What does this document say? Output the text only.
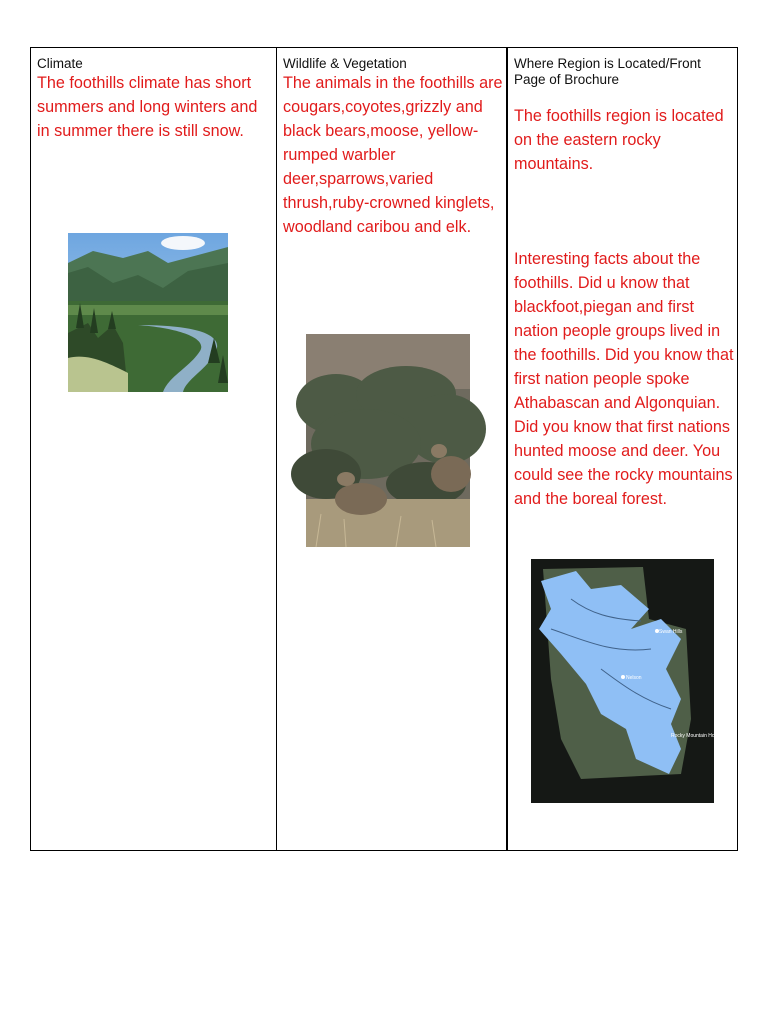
Climate
The foothills climate has short summers and long winters and in summer there is still snow.
Wildlife & Vegetation
The animals in the foothills are cougars,coyotes,grizzly and black bears,moose, yellow-rumped warbler deer,sparrows,varied thrush,ruby-crowned kinglets, woodland caribou and elk.
Where Region is Located/Front Page of Brochure
The foothills region is located on the eastern rocky mountains.
Interesting facts about the foothills. Did u know that blackfoot,piegan and first nation people groups lived in the foothills. Did you know that first nation people spoke Athabascan and Algonquian. Did you know that first nations hunted moose and deer. You could see the rocky mountains and the boreal forest.
Swan Hills
Nelson
Rocky Mountain House
